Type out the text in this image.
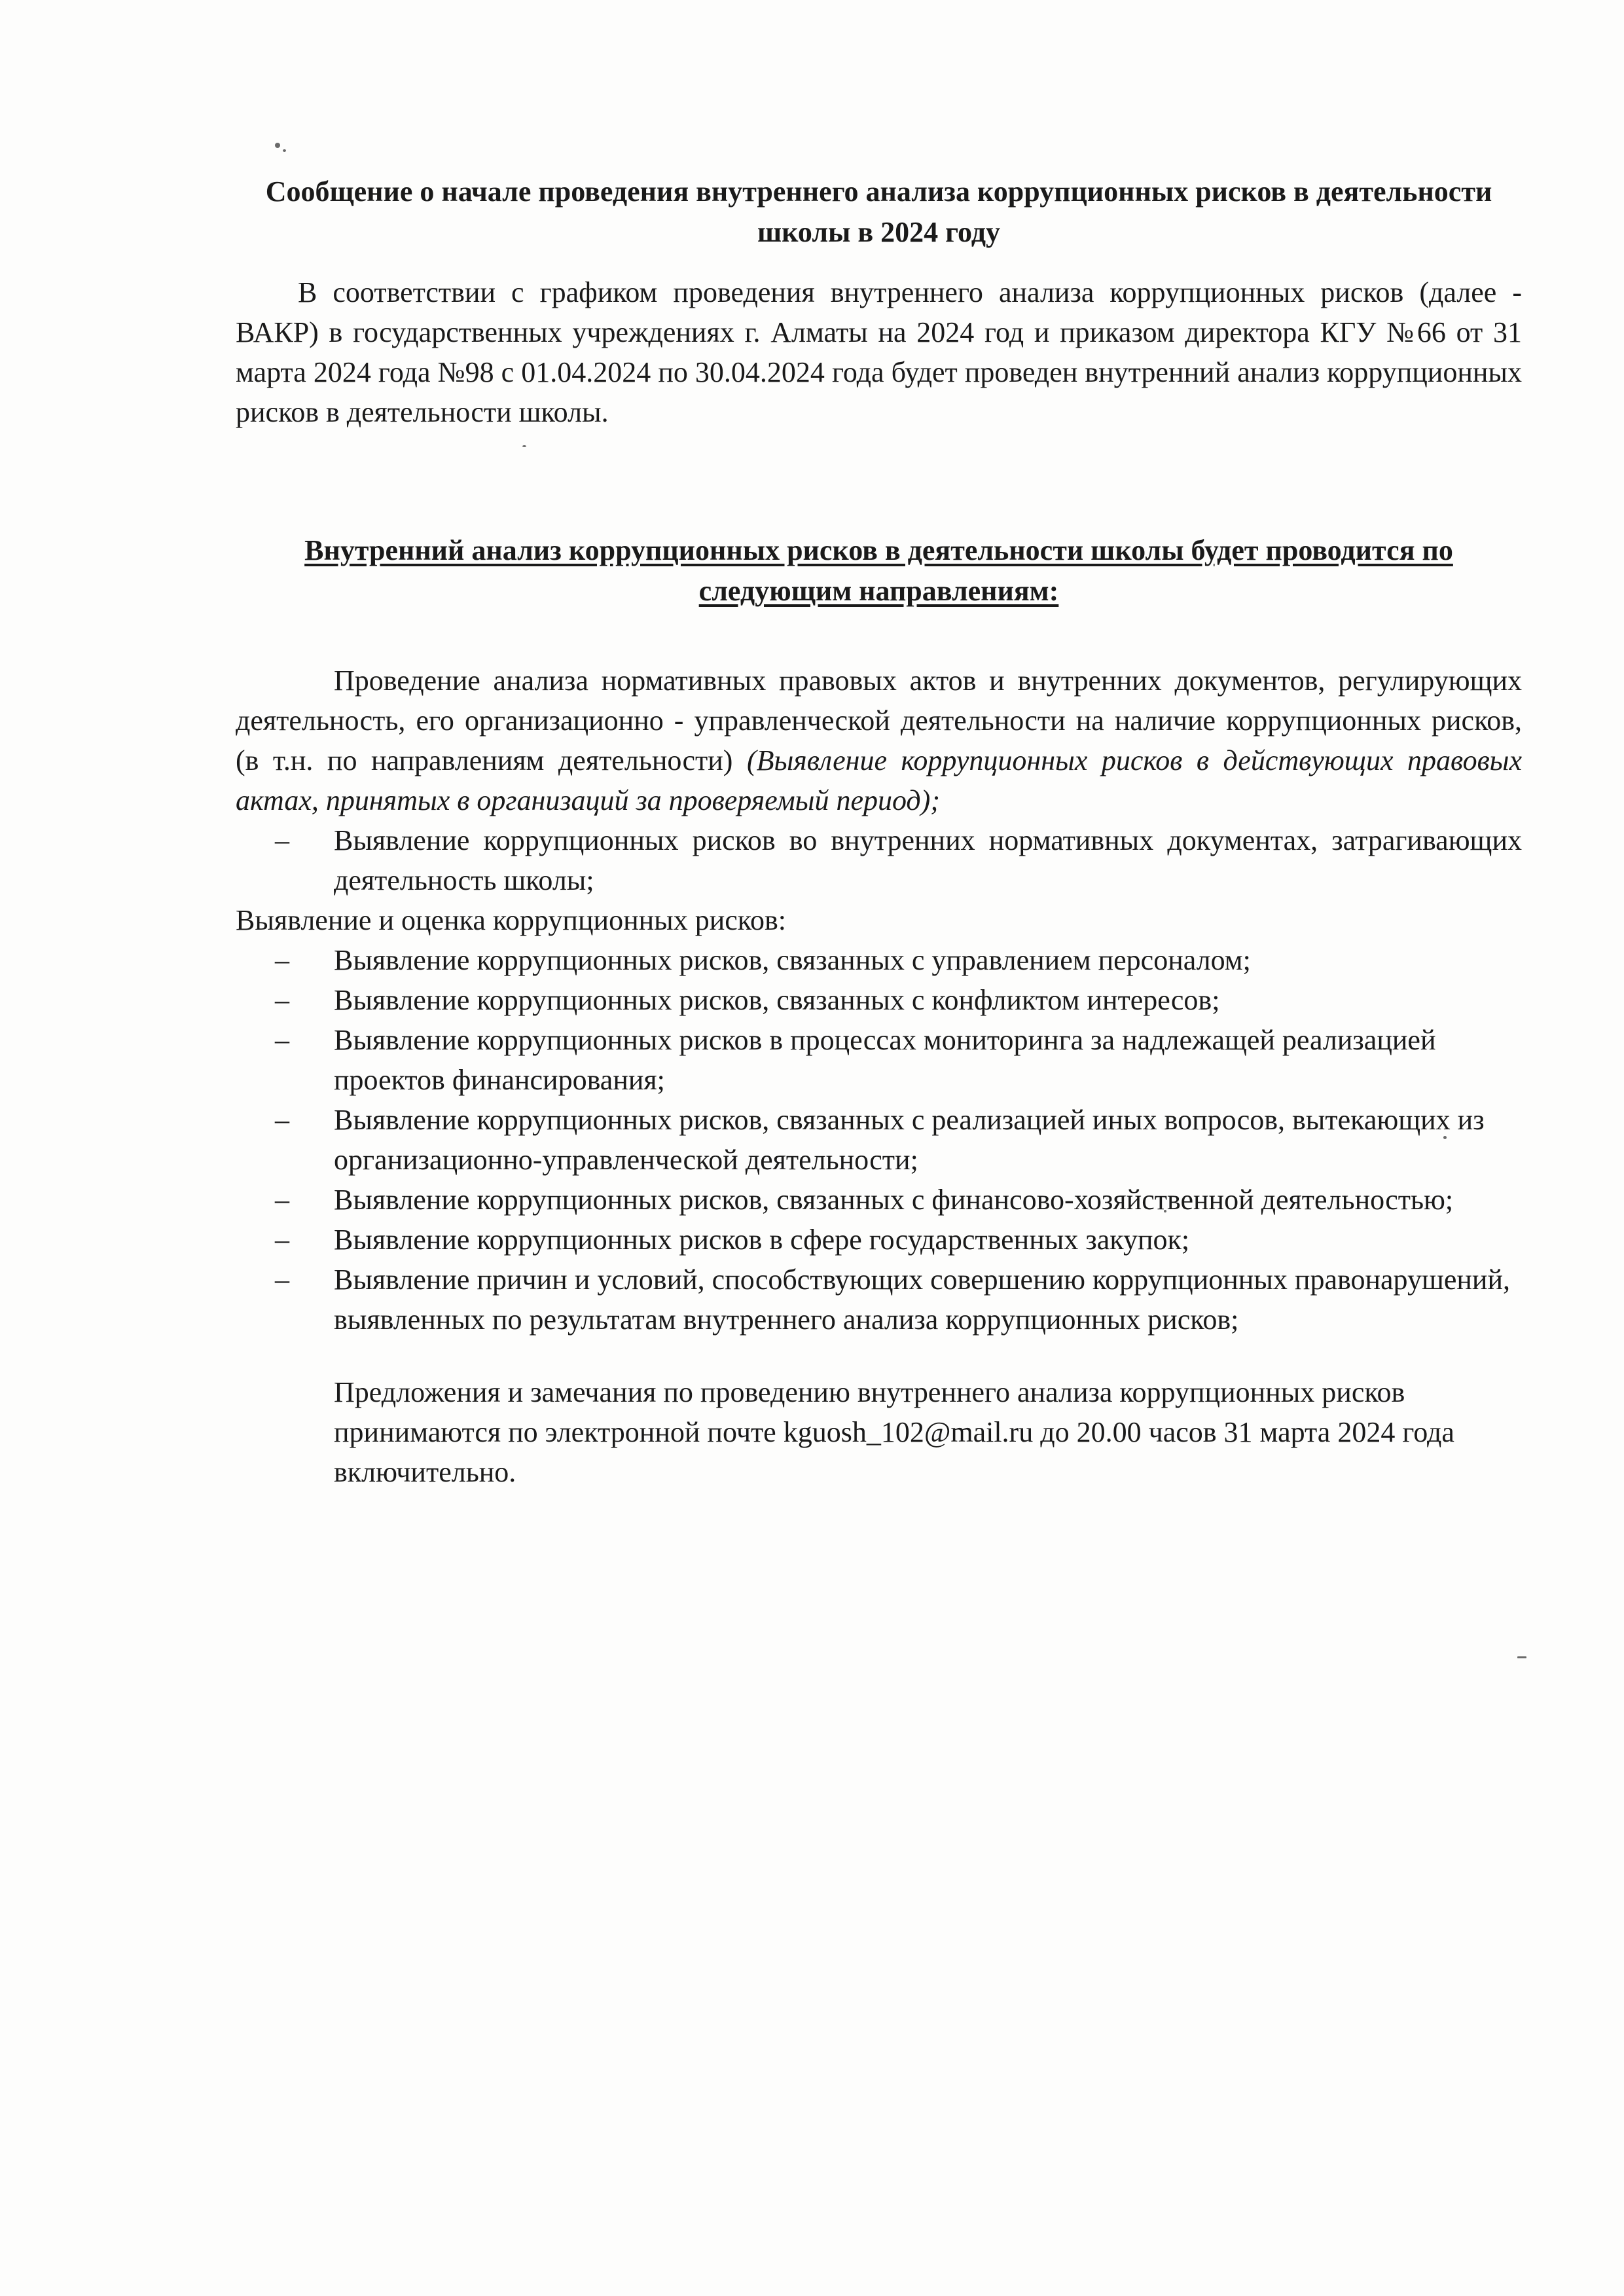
Сообщение о начале проведения внутреннего анализа коррупционных рисков в деятельности школы в 2024 году

В соответствии с графиком проведения внутреннего анализа коррупционных рисков (далее - ВАКР) в государственных учреждениях г. Алматы на 2024 год и приказом директора КГУ №66 от 31 марта 2024 года №98 с 01.04.2024 по 30.04.2024 года будет проведен внутренний анализ коррупционных рисков в деятельности школы.

Внутренний анализ коррупционных рисков в деятельности школы будет проводится по следующим направлениям:

Проведение анализа нормативных правовых актов и внутренних документов, регулирующих деятельность, его организационно - управленческой деятельности на наличие коррупционных рисков, (в т.н. по направлениям деятельности) (Выявление коррупционных рисков в действующих правовых актах, принятых в организаций за проверяемый период);

– Выявление коррупционных рисков во внутренних нормативных документах, затрагивающих деятельность школы;

Выявление и оценка коррупционных рисков:

– Выявление коррупционных рисков, связанных с управлением персоналом;
– Выявление коррупционных рисков, связанных с конфликтом интересов;
– Выявление коррупционных рисков в процессах мониторинга за надлежащей реализацией проектов финансирования;
– Выявление коррупционных рисков, связанных с реализацией иных вопросов, вытекающих из организационно-управленческой деятельности;
– Выявление коррупционных рисков, связанных с финансово-хозяйственной деятельностью;
– Выявление коррупционных рисков в сфере государственных закупок;
– Выявление причин и условий, способствующих совершению коррупционных правонарушений, выявленных по результатам внутреннего анализа коррупционных рисков;

Предложения и замечания по проведению внутреннего анализа коррупционных рисков принимаются по электронной почте kguosh_102@mail.ru до 20.00 часов 31 марта 2024 года включительно.
